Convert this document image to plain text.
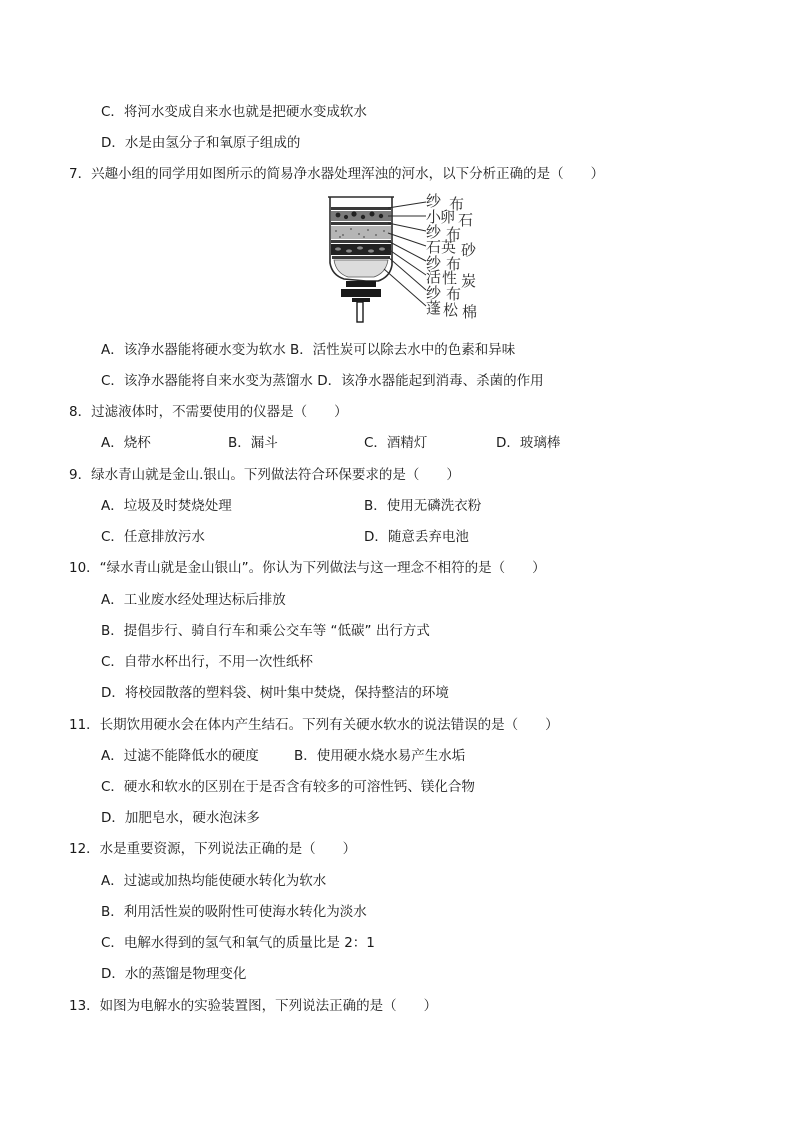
C．将河水变成自来水也就是把硬水变成软水
D．水是由氢分子和氧原子组成的
7．兴趣小组的同学用如图所示的简易净水器处理浑浊的河水，以下分析正确的是（　　）
纱 布
小
卵 石
纱 布
石 英 砂
纱 布
活 性 炭
纱 布
蓬 松 棉
A．该净水器能将硬水变为软水 B．活性炭可以除去水中的色素和异味
C．该净水器能将自来水变为蒸馏水 D．该净水器能起到消毒、杀菌的作用
8．过滤液体时，不需要使用的仪器是（　　）
A．烧杯	B．漏斗	C．酒精灯	D．玻璃棒
9．绿水青山就是金山.银山。下列做法符合环保要求的是（　　）
A．垃圾及时焚烧处理	B．使用无磷洗衣粉
C．任意排放污水	D．随意丢弃电池
10．“绿水青山就是金山银山”。你认为下列做法与这一理念不相符的是（　　）
A．工业废水经处理达标后排放
B．提倡步行、骑自行车和乘公交车等 “低碳” 出行方式
C．自带水杯出行，不用一次性纸杯
D．将校园散落的塑料袋、树叶集中焚烧，保持整洁的环境
11．长期饮用硬水会在体内产生结石。下列有关硬水软水的说法错误的是（　　）
A．过滤不能降低水的硬度	B．使用硬水烧水易产生水垢
C．硬水和软水的区别在于是否含有较多的可溶性钙、镁化合物
D．加肥皂水，硬水泡沫多
12．水是重要资源，下列说法正确的是（　　）
A．过滤或加热均能使硬水转化为软水
B．利用活性炭的吸附性可使海水转化为淡水
C．电解水得到的氢气和氧气的质量比是 2：1
D．水的蒸馏是物理变化
13．如图为电解水的实验装置图，下列说法正确的是（　　）
